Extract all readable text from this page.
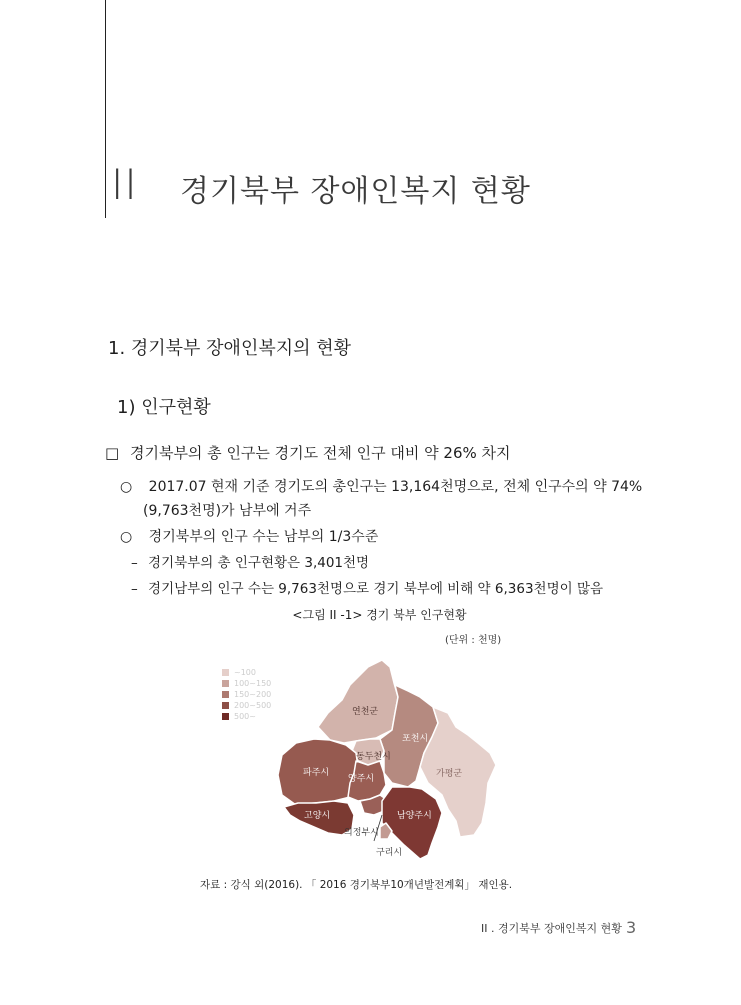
II 경기북부 장애인복지 현황
1. 경기북부 장애인복지의 현황
1) 인구현황
□ 경기북부의 총 인구는 경기도 전체 인구 대비 약 26% 차지
○ 2017.07 현재 기준 경기도의 총인구는 13,164천명으로, 전체 인구수의 약 74%
(9,763천명)가 남부에 거주
○ 경기북부의 인구 수는 남부의 1/3수준
– 경기북부의 총 인구현황은 3,401천명
– 경기남부의 인구 수는 9,763천명으로 경기 북부에 비해 약 6,363천명이 많음
<그림 II -1> 경기 북부 인구현황
(단위 : 천명)
~100
100~150
150~200
200~500
500~	연천군
포천시
가평군
동두천시
파주시
양주시
고양시
의정부시
남양주시
구리시
자료 : 강식 외(2016). 「 2016 경기북부10개년발전계획」 재인용.
II . 경기북부 장애인복지 현황 3
